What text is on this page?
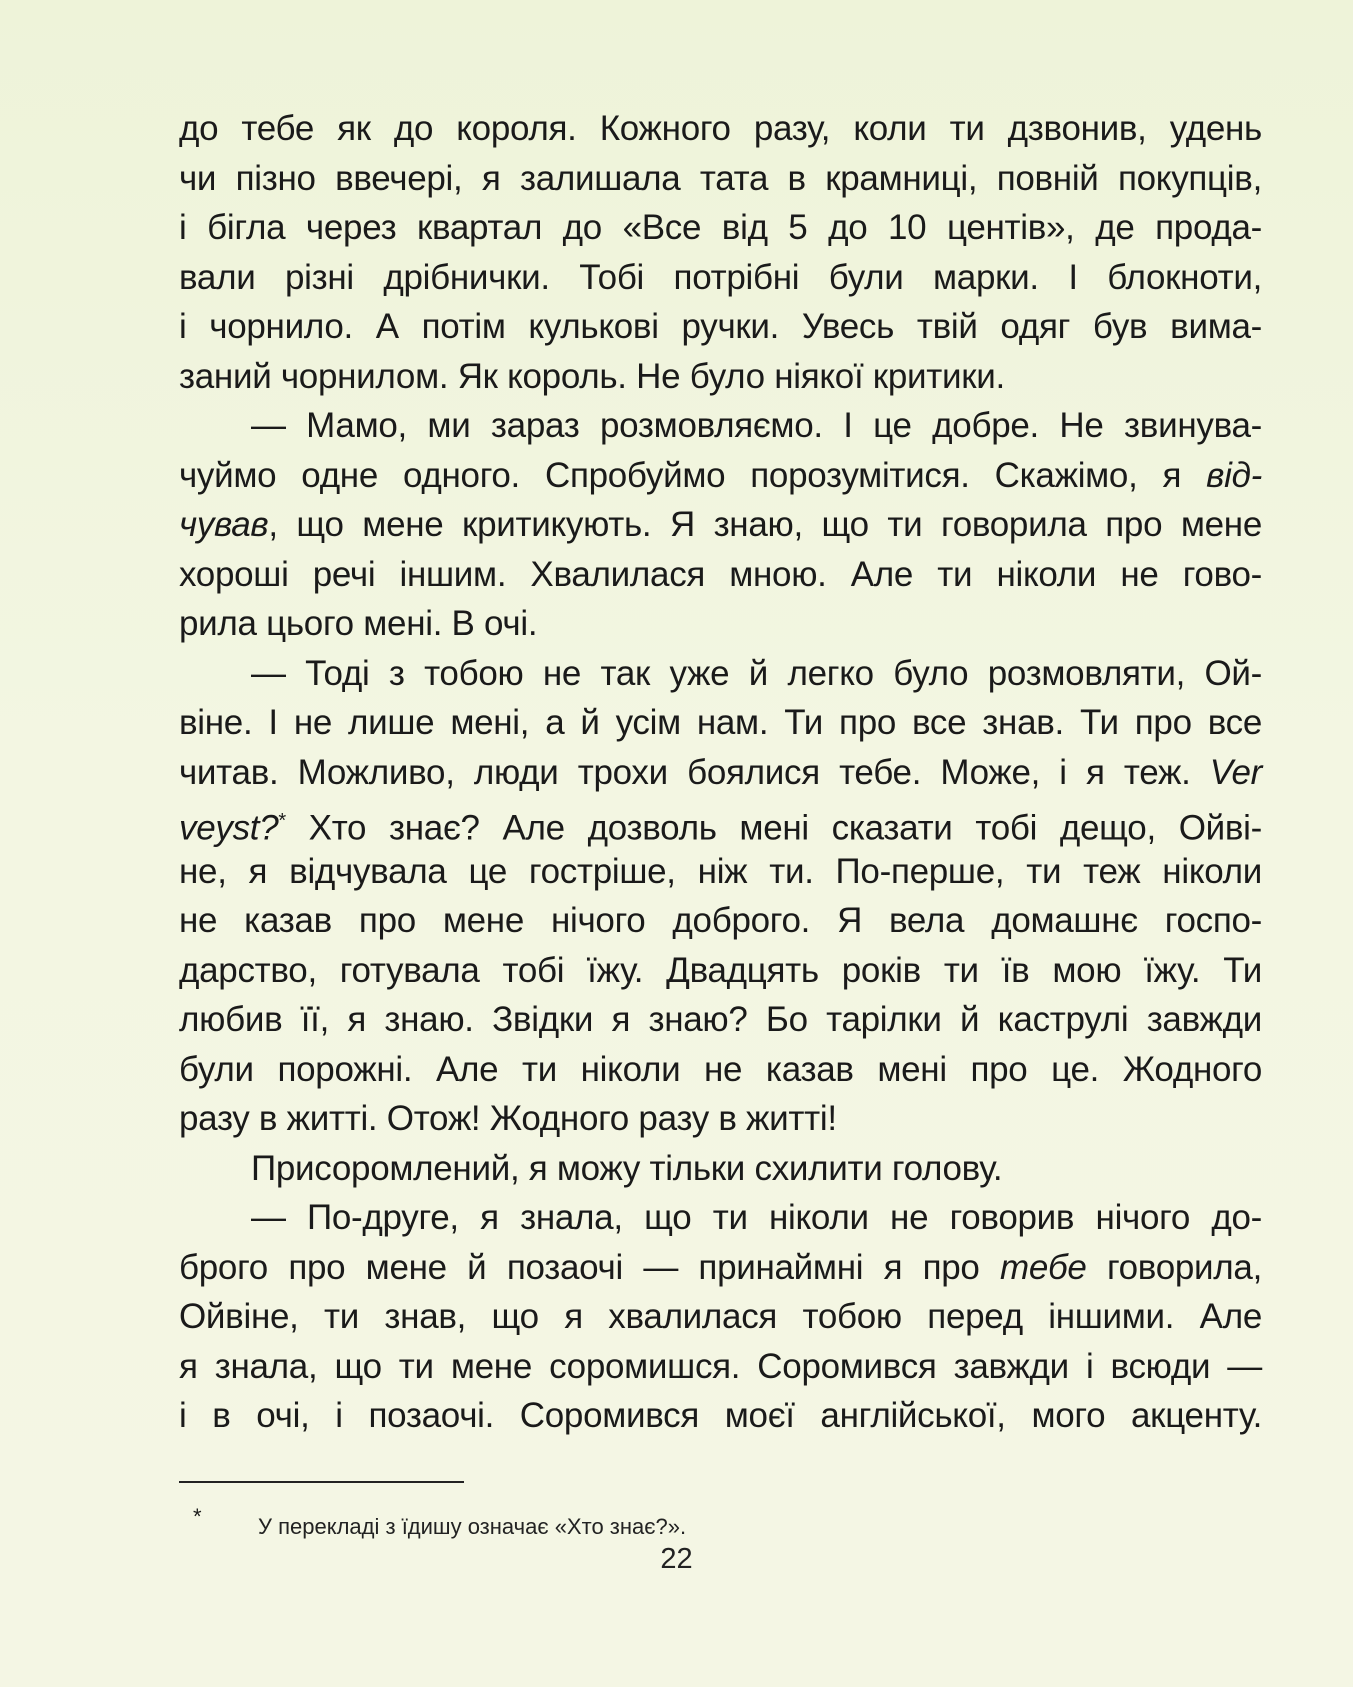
до тебе як до короля. Кожного разу, коли ти дзвонив, удень
чи пізно ввечері, я залишала тата в крамниці, повній покупців,
і бігла через квартал до «Все від 5 до 10 центів», де прода-
вали різні дрібнички. Тобі потрібні були марки. І блокноти,
і чорнило. А потім кулькові ручки. Увесь твій одяг був вима-
заний чорнилом. Як король. Не було ніякої критики.
— Мамо, ми зараз розмовляємо. І це добре. Не звинува-
чуймо одне одного. Спробуймо порозумітися. Скажімо, я від-
чував, що мене критикують. Я знаю, що ти говорила про мене
хороші речі іншим. Хвалилася мною. Але ти ніколи не гово-
рила цього мені. В очі.
— Тоді з тобою не так уже й легко було розмовляти, Ой-
віне. І не лише мені, а й усім нам. Ти про все знав. Ти про все
читав. Можливо, люди трохи боялися тебе. Може, і я теж. Ver
veyst?* Хто знає? Але дозволь мені сказати тобі дещо, Ойві-
не, я відчувала це гостріше, ніж ти. По-перше, ти теж ніколи
не казав про мене нічого доброго. Я вела домашнє госпо-
дарство, готувала тобі їжу. Двадцять років ти їв мою їжу. Ти
любив її, я знаю. Звідки я знаю? Бо тарілки й каструлі завжди
були порожні. Але ти ніколи не казав мені про це. Жодного
разу в житті. Отож! Жодного разу в житті!
Присоромлений, я можу тільки схилити голову.
— По-друге, я знала, що ти ніколи не говорив нічого до-
брого про мене й позаочі — принаймні я про тебе говорила,
Ойвіне, ти знав, що я хвалилася тобою перед іншими. Але
я знала, що ти мене соромишся. Соромився завжди і всюди —
і в очі, і позаочі. Соромився моєї англійської, мого акценту.
*	У перекладі з їдишу означає «Хто знає?».
22
